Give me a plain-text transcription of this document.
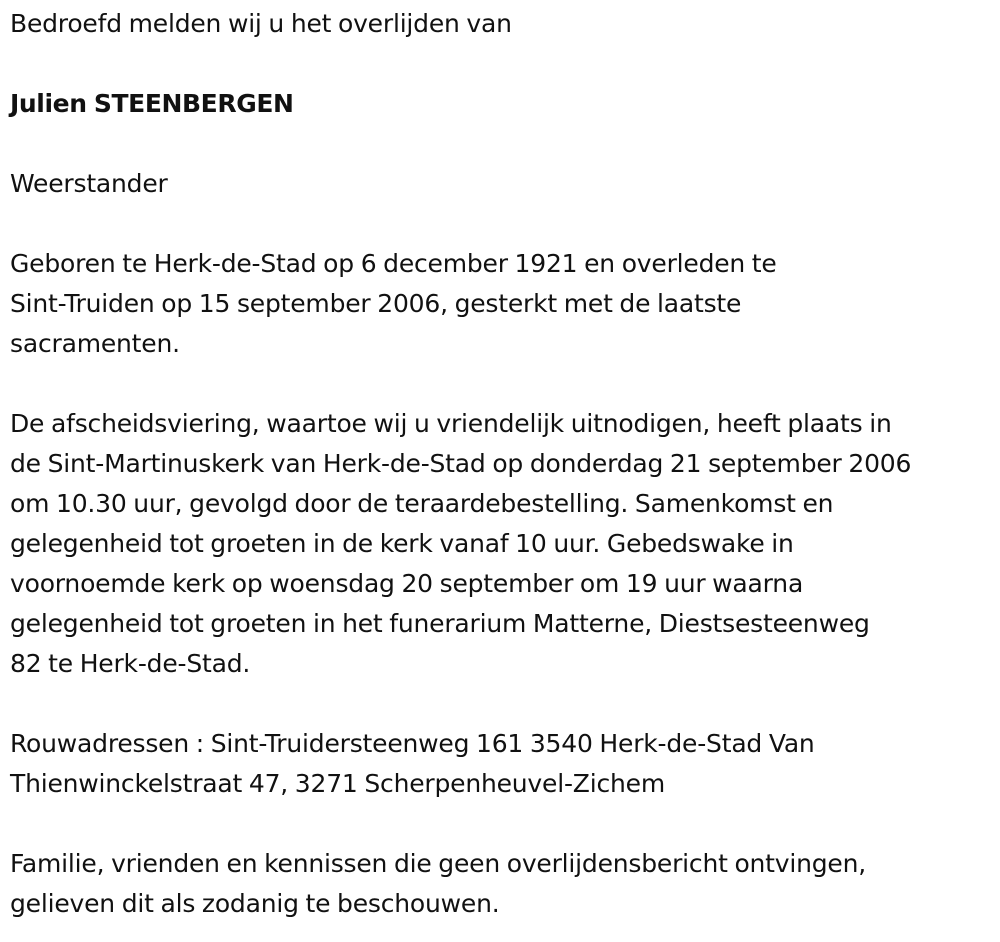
Bedroefd melden wij u het overlijden van

Julien STEENBERGEN

Weerstander

Geboren te Herk-de-Stad op 6 december 1921 en overleden te
Sint-Truiden op 15 september 2006, gesterkt met de laatste
sacramenten.

De afscheidsviering, waartoe wij u vriendelijk uitnodigen, heeft plaats in
de Sint-Martinuskerk van Herk-de-Stad op donderdag 21 september 2006
om 10.30 uur, gevolgd door de teraardebestelling. Samenkomst en
gelegenheid tot groeten in de kerk vanaf 10 uur. Gebedswake in
voornoemde kerk op woensdag 20 september om 19 uur waarna
gelegenheid tot groeten in het funerarium Matterne, Diestsesteenweg
82 te Herk-de-Stad.

Rouwadressen : Sint-Truidersteenweg 161 3540 Herk-de-Stad Van
Thienwinckelstraat 47, 3271 Scherpenheuvel-Zichem

Familie, vrienden en kennissen die geen overlijdensbericht ontvingen,
gelieven dit als zodanig te beschouwen.
